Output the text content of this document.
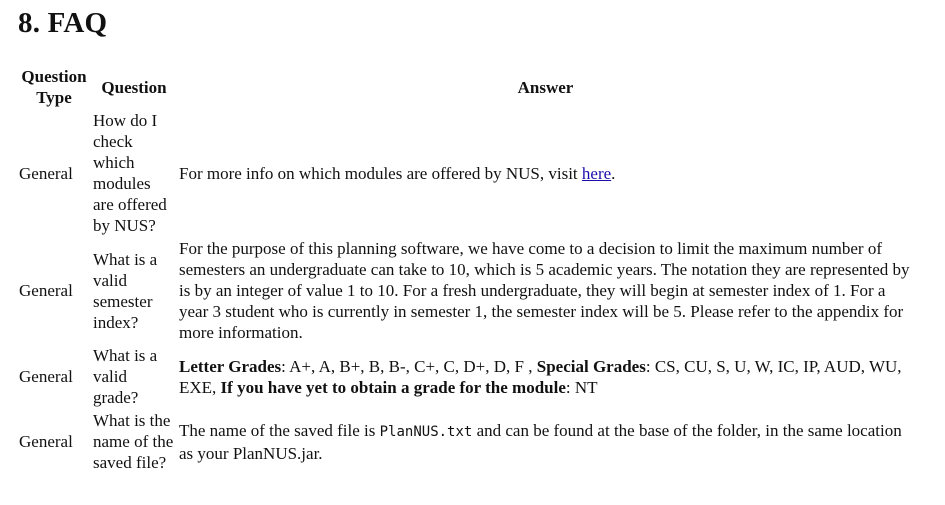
8. FAQ
Question Type	Question	Answer
General	How do I check which modules are offered by NUS?	For more info on which modules are offered by NUS, visit here.
General	What is a valid semester index?	For the purpose of this planning software, we have come to a decision to limit the maximum number of semesters an undergraduate can take to 10, which is 5 academic years. The notation they are represented by is by an integer of value 1 to 10. For a fresh undergraduate, they will begin at semester index of 1. For a year 3 student who is currently in semester 1, the semester index will be 5. Please refer to the appendix for more information.
General	What is a valid grade?	Letter Grades: A+, A, B+, B, B-, C+, C, D+, D, F , Special Grades: CS, CU, S, U, W, IC, IP, AUD, WU, EXE, If you have yet to obtain a grade for the module: NT
General	What is the name of the saved file?	The name of the saved file is PlanNUS.txt and can be found at the base of the folder, in the same location as your PlanNUS.jar.
